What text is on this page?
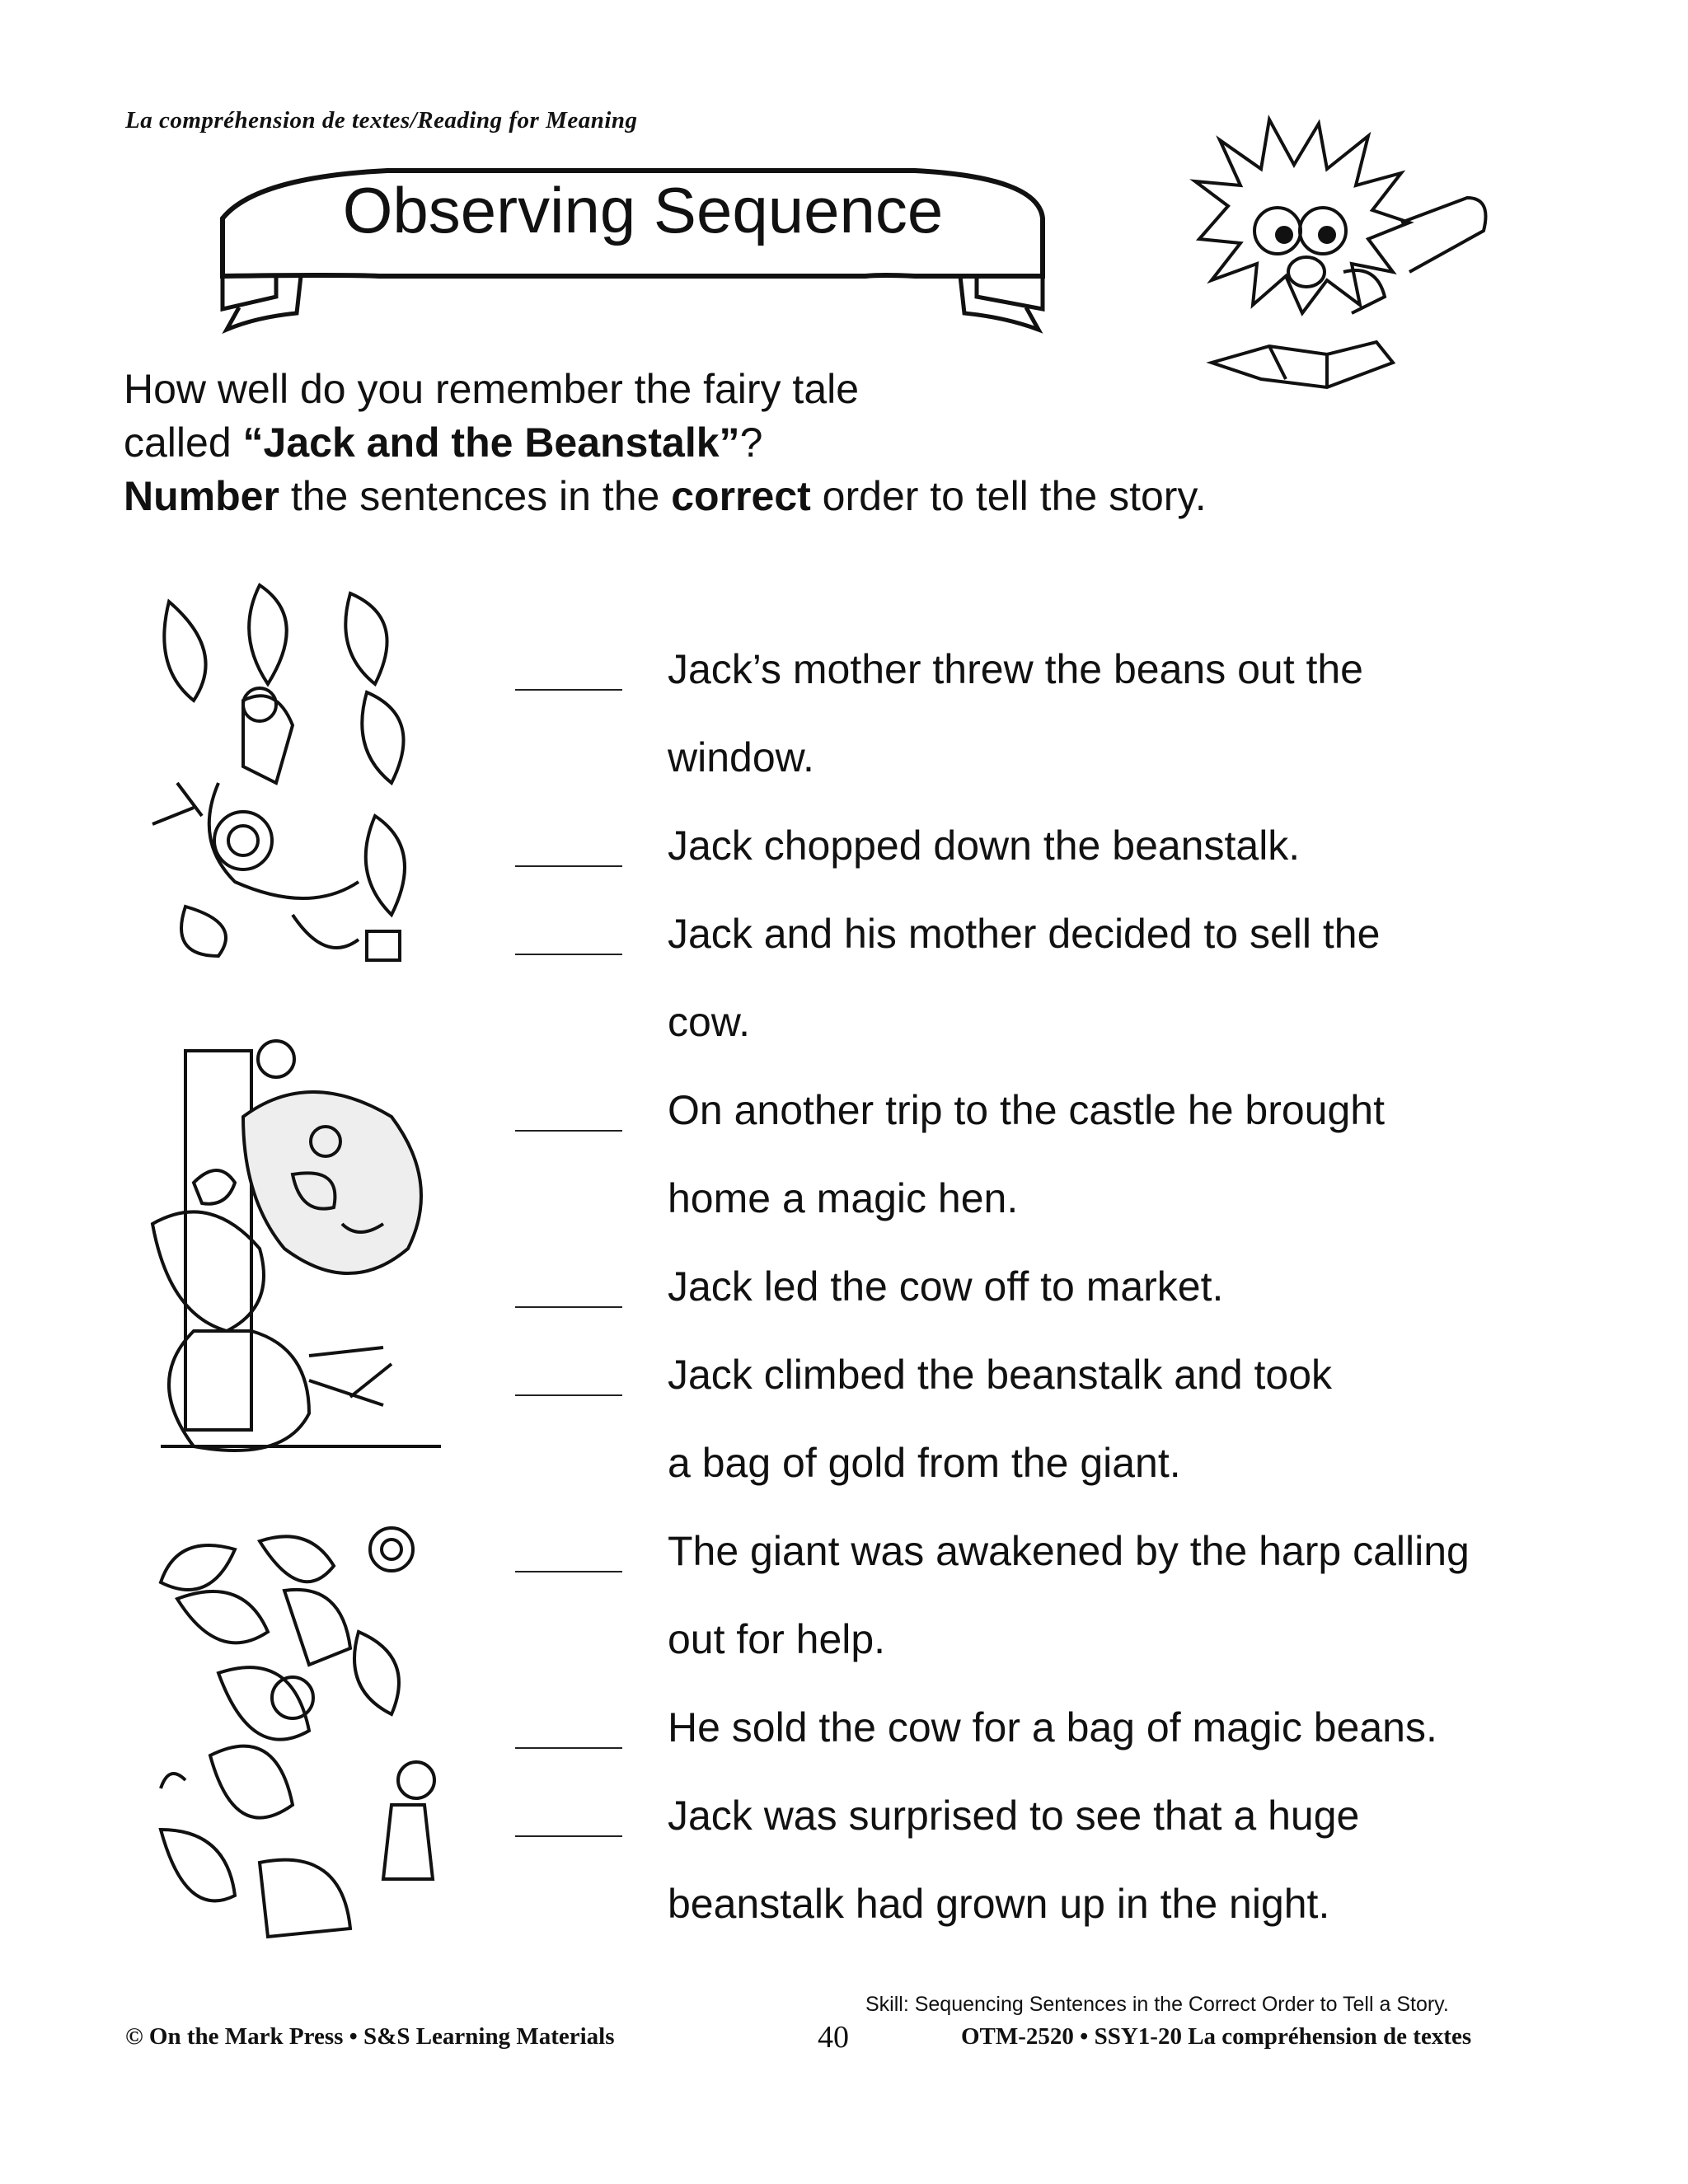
La compréhension de textes/Reading for Meaning
Observing Sequence
How well do you remember the fairy tale
called “Jack and the Beanstalk”?
Number the sentences in the correct order to tell the story.
Jack’s mother threw the beans out the
window.
Jack chopped down the beanstalk.
Jack and his mother decided to sell the
cow.
On another trip to the castle he brought
home a magic hen.
Jack led the cow off to market.
Jack climbed the beanstalk and took
a bag of gold from the giant.
The giant was awakened by the harp calling
out for help.
He sold the cow for a bag of magic beans.
Jack was surprised to see that a huge
beanstalk had grown up in the night.
Skill: Sequencing Sentences in the Correct Order to Tell a Story.
© On the Mark Press • S&S Learning Materials	40	OTM-2520 • SSY1-20 La compréhension de textes
